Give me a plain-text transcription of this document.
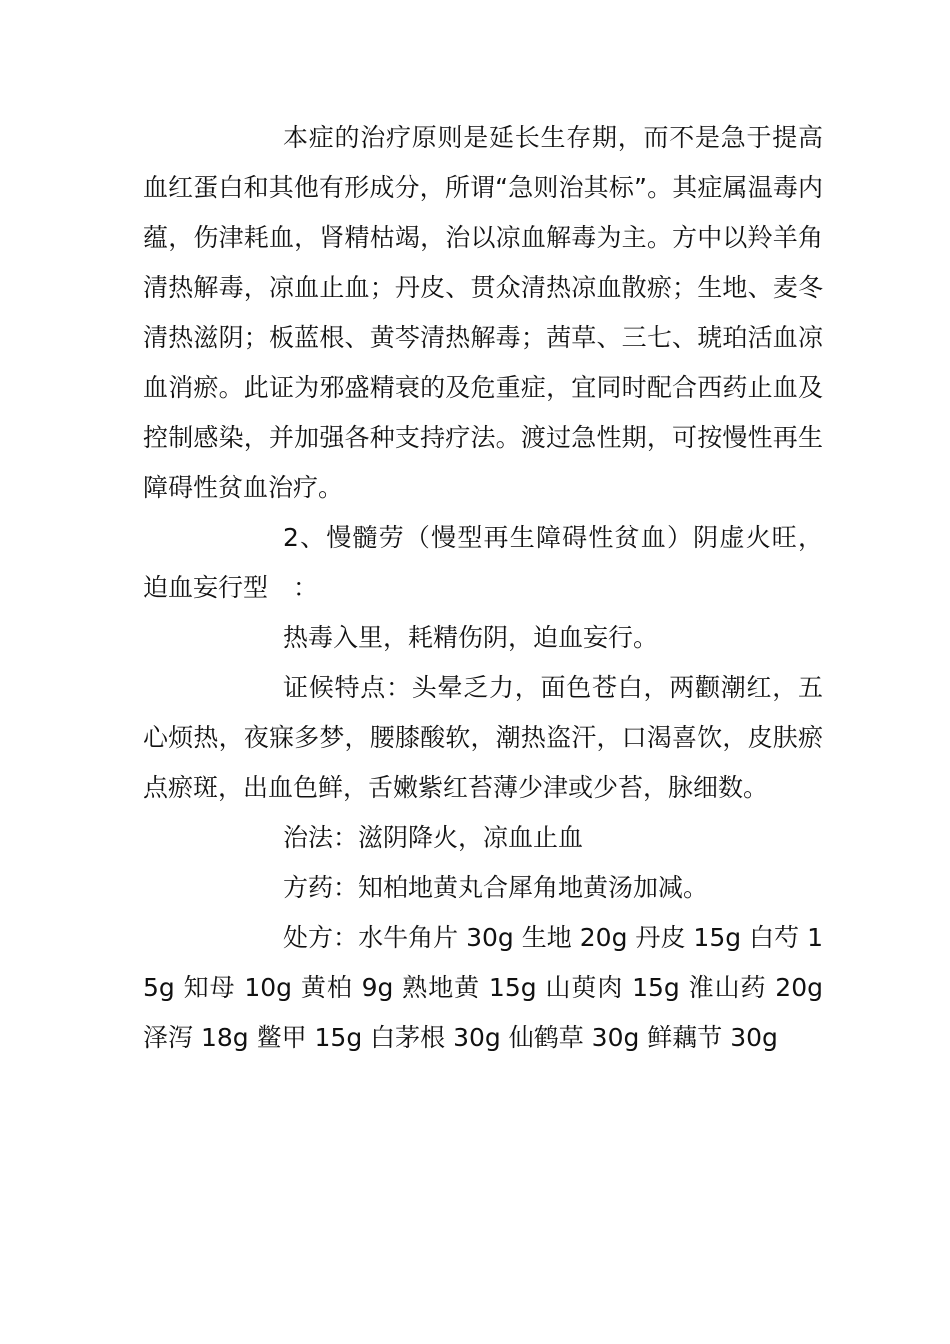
本症的治疗原则是延长生存期，而不是急于提高血红蛋白和其他有形成分，所谓“急则治其标”。其症属温毒内蕴，伤津耗血，肾精枯竭，治以凉血解毒为主。方中以羚羊角清热解毒，凉血止血；丹皮、贯众清热凉血散瘀；生地、麦冬清热滋阴；板蓝根、黄芩清热解毒；茜草、三七、琥珀活血凉血消瘀。此证为邪盛精衰的及危重症，宜同时配合西药止血及控制感染，并加强各种支持疗法。渡过急性期，可按慢性再生障碍性贫血治疗。

2、慢髓劳（慢型再生障碍性贫血）阴虚火旺，迫血妄行型　：

热毒入里，耗精伤阴，迫血妄行。

证候特点：头晕乏力，面色苍白，两颧潮红，五心烦热，夜寐多梦，腰膝酸软，潮热盗汗，口渴喜饮，皮肤瘀点瘀斑，出血色鲜，舌嫩紫红苔薄少津或少苔，脉细数。

治法：滋阴降火，凉血止血

方药：知柏地黄丸合犀角地黄汤加减。

处方：水牛角片 30g 生地 20g 丹皮 15g 白芍 15g 知母 10g 黄柏 9g 熟地黄 15g 山萸肉 15g 淮山药 20g 泽泻 18g 鳖甲 15g 白茅根 30g 仙鹤草 30g 鲜藕节 30g
